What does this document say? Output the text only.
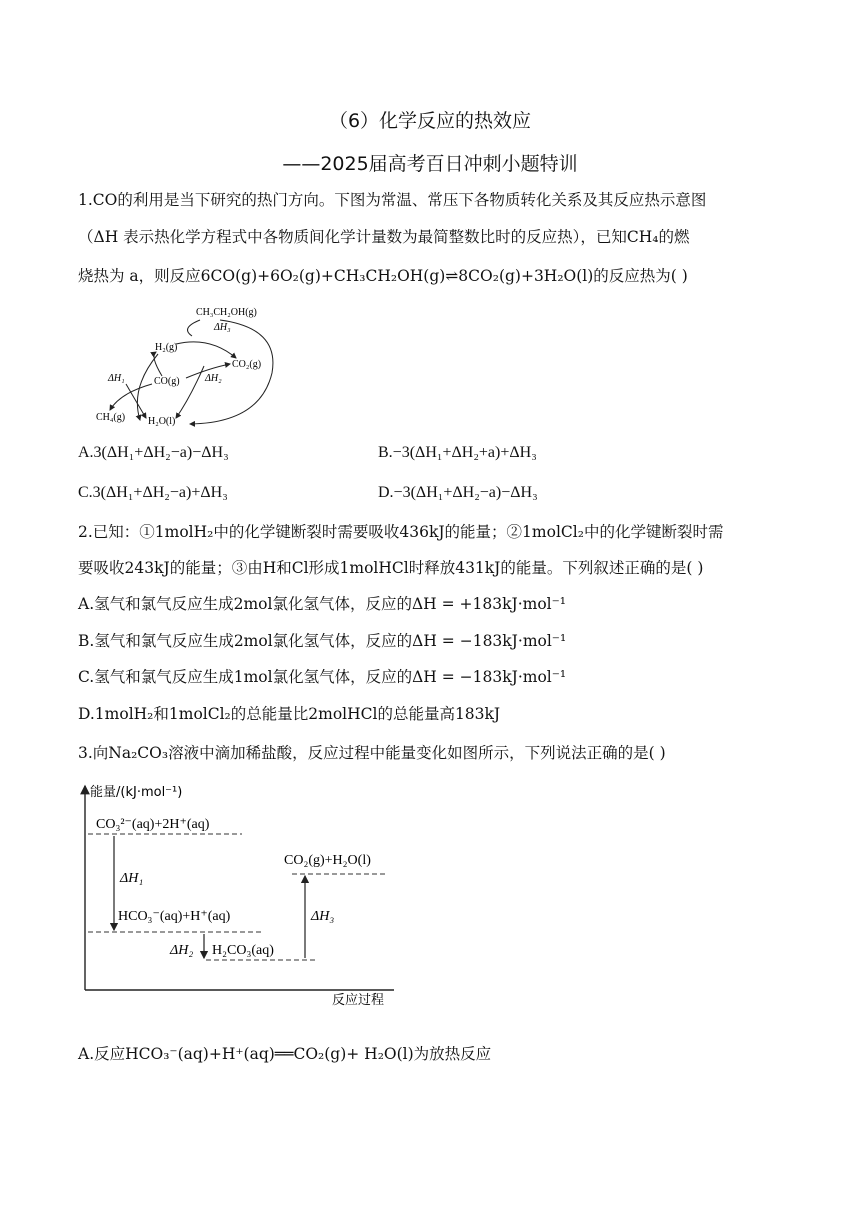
（6）化学反应的热效应
——2025届高考百日冲刺小题特训
1.CO的利用是当下研究的热门方向。下图为常温、常压下各物质转化关系及其反应热示意图
（ΔH 表示热化学方程式中各物质间化学计量数为最简整数比时的反应热），已知CH₄的燃
烧热为 a，则反应6CO(g)+6O₂(g)+CH₃CH₂OH(g)⇌8CO₂(g)+3H₂O(l)的反应热为( )
CH₃CH₂OH(g)
ΔH₃
H₂(g)
CO₂(g)
ΔH₁	CO(g)	ΔH₂
CH₄(g) H₂O(l)
A.3(ΔH₁+ΔH₂−a)−ΔH₃	B.−3(ΔH₁+ΔH₂+a)+ΔH₃
C.3(ΔH₁+ΔH₂−a)+ΔH₃	D.−3(ΔH₁+ΔH₂−a)−ΔH₃
2.已知：①1molH₂中的化学键断裂时需要吸收436kJ的能量；②1molCl₂中的化学键断裂时需
要吸收243kJ的能量；③由H和Cl形成1molHCl时释放431kJ的能量。下列叙述正确的是( )
A.氢气和氯气反应生成2mol氯化氢气体，反应的ΔH = +183kJ·mol⁻¹
B.氢气和氯气反应生成2mol氯化氢气体，反应的ΔH = −183kJ·mol⁻¹
C.氢气和氯气反应生成1mol氯化氢气体，反应的ΔH = −183kJ·mol⁻¹
D.1molH₂和1molCl₂的总能量比2molHCl的总能量高183kJ
3.向Na₂CO₃溶液中滴加稀盐酸，反应过程中能量变化如图所示，下列说法正确的是( )
能量/(kJ·mol⁻¹)
反应过程
CO₃²⁻(aq)+2H⁺(aq)
HCO₃⁻(aq)+H⁺(aq)
H₂CO₃(aq)
CO₂(g)+H₂O(l)
ΔH₁
ΔH₂
ΔH₃
A.反应HCO₃⁻(aq)+H⁺(aq)══CO₂(g)+ H₂O(l)为放热反应
